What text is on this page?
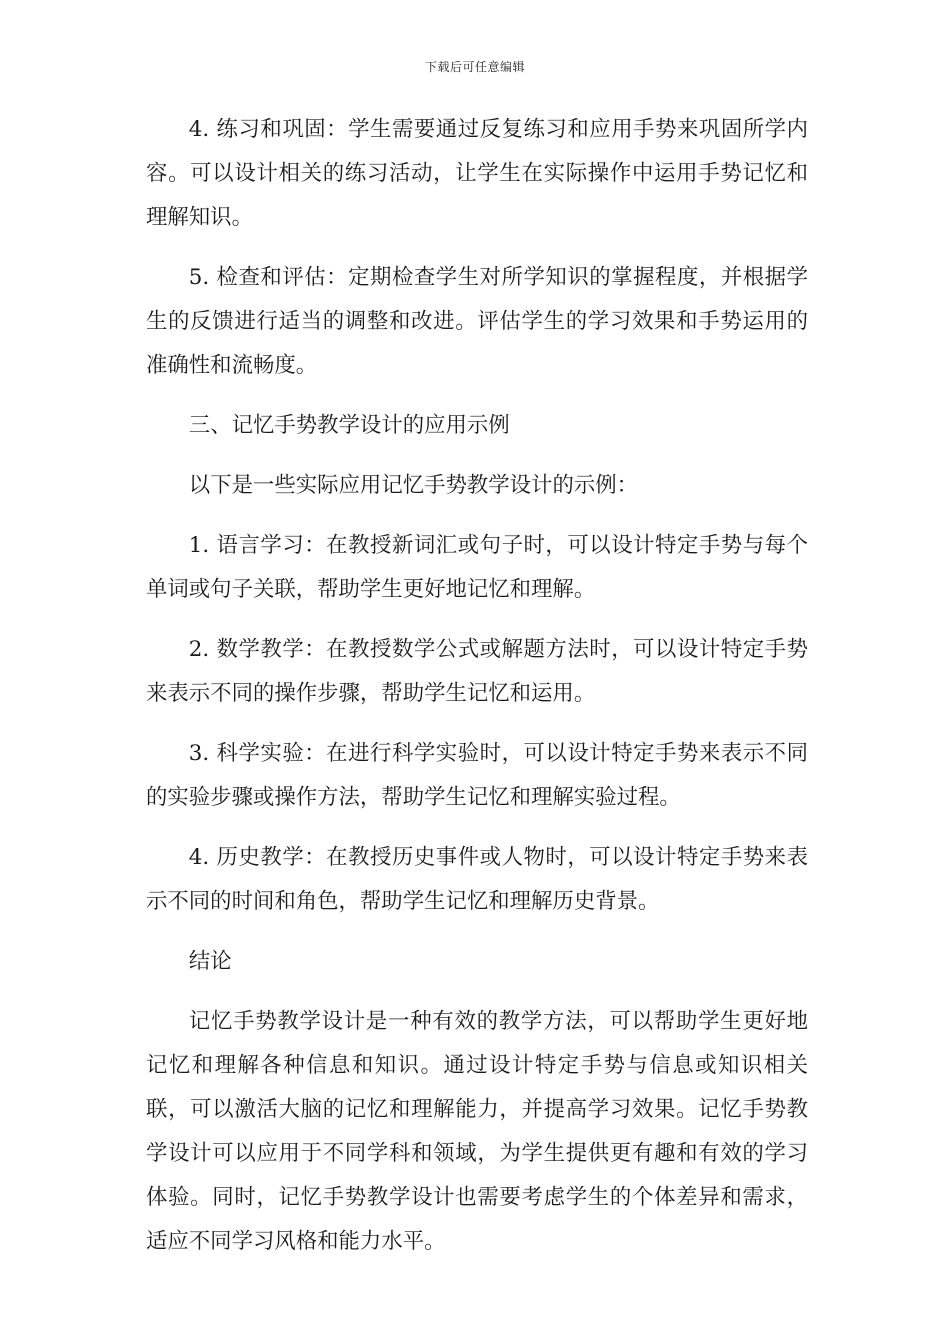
下载后可任意编辑

4. 练习和巩固：学生需要通过反复练习和应用手势来巩固所学内容。可以设计相关的练习活动，让学生在实际操作中运用手势记忆和理解知识。

5. 检查和评估：定期检查学生对所学知识的掌握程度，并根据学生的反馈进行适当的调整和改进。评估学生的学习效果和手势运用的准确性和流畅度。

三、记忆手势教学设计的应用示例

以下是一些实际应用记忆手势教学设计的示例：

1. 语言学习：在教授新词汇或句子时，可以设计特定手势与每个单词或句子关联，帮助学生更好地记忆和理解。

2. 数学教学：在教授数学公式或解题方法时，可以设计特定手势来表示不同的操作步骤，帮助学生记忆和运用。

3. 科学实验：在进行科学实验时，可以设计特定手势来表示不同的实验步骤或操作方法，帮助学生记忆和理解实验过程。

4. 历史教学：在教授历史事件或人物时，可以设计特定手势来表示不同的时间和角色，帮助学生记忆和理解历史背景。

结论

记忆手势教学设计是一种有效的教学方法，可以帮助学生更好地记忆和理解各种信息和知识。通过设计特定手势与信息或知识相关联，可以激活大脑的记忆和理解能力，并提高学习效果。记忆手势教学设计可以应用于不同学科和领域，为学生提供更有趣和有效的学习体验。同时，记忆手势教学设计也需要考虑学生的个体差异和需求，适应不同学习风格和能力水平。
